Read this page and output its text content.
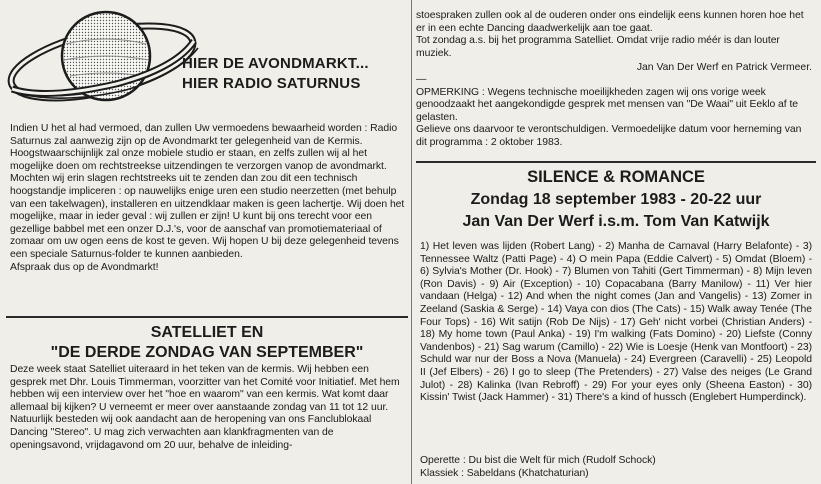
HIER DE AVONDMARKT...
HIER RADIO SATURNUS

Indien U het al had vermoed, dan zullen Uw vermoedens bewaarheid worden : Radio Saturnus zal aanwezig zijn op de Avondmarkt ter gelegenheid van de Kermis.

Hoogstwaarschijnlijk zal onze mobiele studio er staan, en zelfs zullen wij al het mogelijke doen om rechtstreekse uitzendingen te verzorgen vanop de avondmarkt. Mochten wij erin slagen rechtstreeks uit te zenden dan zou dit een technisch hoogstandje impliceren : op nauwelijks enige uren een studio neerzetten (met behulp van een takelwagen), installeren en uitzendklaar maken is geen lachertje. Wij doen het mogelijke, maar in ieder geval : wij zullen er zijn! U kunt bij ons terecht voor een gezellige babbel met een onzer D.J.'s, voor de aanschaf van promotiemateriaal of zomaar om uw ogen eens de kost te geven. Wij hopen U bij deze gelegenheid tevens een speciale Saturnus-folder te kunnen aanbieden.

Afspraak dus op de Avondmarkt!

SATELLIET EN
"DE DERDE ZONDAG VAN SEPTEMBER"

Deze week staat Satelliet uiteraard in het teken van de kermis. Wij hebben een gesprek met Dhr. Louis Timmerman, voorzitter van het Comité voor Initiatief. Met hem hebben wij een interview over het "hoe en waarom" van een kermis. Wat komt daar allemaal bij kijken? U verneemt er meer over aanstaande zondag van 11 tot 12 uur.

Natuurlijk besteden wij ook aandacht aan de heropening van ons Fanclublokaal Dancing "Stereo". U mag zich verwachten aan klankfragmenten van de openingsavond, vrijdagavond om 20 uur, behalve de inleiding-

stoespraken zullen ook al de ouderen onder ons eindelijk eens kunnen horen hoe het er in een echte Dancing daadwerkelijk aan toe gaat.

Tot zondag a.s. bij het programma Satelliet. Omdat vrije radio méér is dan louter muziek.

Jan Van Der Werf en Patrick Vermeer.

—

OPMERKING : Wegens technische moeilijkheden zagen wij ons vorige week genoodzaakt het aangekondigde gesprek met mensen van "De Waai" uit Eeklo af te gelasten.

Gelieve ons daarvoor te verontschuldigen. Vermoedelijke datum voor herneming van dit programma : 2 oktober 1983.

SILENCE & ROMANCE
Zondag 18 september 1983 - 20-22 uur
Jan Van Der Werf i.s.m. Tom Van Katwijk
1) Het leven was lijden (Robert Lang) - 2) Manha de Carnaval (Harry Belafonte) - 3) Tennessee Waltz (Patti Page) - 4) O mein Papa (Eddie Calvert) - 5) Omdat (Bloem) - 6) Sylvia's Mother (Dr. Hook) - 7) Blumen von Tahiti (Gert Timmerman) - 8) Mijn leven (Ron Davis) - 9) Air (Exception) - 10) Copacabana (Barry Manilow) - 11) Ver hier vandaan (Helga) - 12) And when the night comes (Jan and Vangelis) - 13) Zomer in Zeeland (Saskia & Serge) - 14) Vaya con dios (The Cats) - 15) Walk away Tenée (The Four Tops) - 16) Wit satijn (Rob De Nijs) - 17) Geh' nicht vorbei (Christian Anders) - 18) My home town (Paul Anka) - 19) I'm walking (Fats Domino) - 20) Liefste (Conny Vandenbos) - 21) Sag warum (Camillo) - 22) Wie is Loesje (Henk van Montfoort) - 23) Schuld war nur der Boss a Nova (Manuela) - 24) Evergreen (Caravelli) - 25) Leopold II (Jef Elbers) - 26) I go to sleep (The Pretenders) - 27) Valse des neiges (Le Grand Julot) - 28) Kalinka (Ivan Rebroff) - 29) For your eyes only (Sheena Easton) - 30) Kissin' Twist (Jack Hammer) - 31) There's a kind of hussch (Englebert Humperdinck).

Operette : Du bist die Welt für mich (Rudolf Schock)

Klassiek : Sabeldans (Khatchaturian)
